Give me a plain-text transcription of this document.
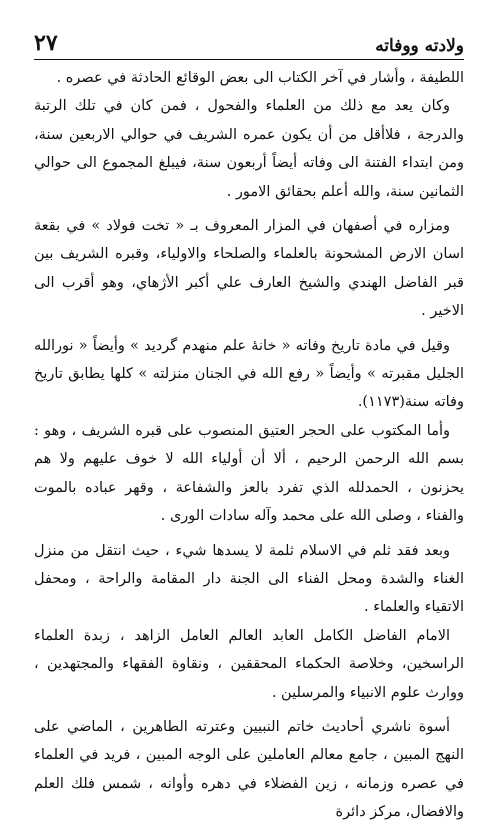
ولادته ووفاته
٢٧

اللطيفة ، وأشار في آخر الكتاب الى بعض الوقائع الحادثة في عصره .

وكان يعد مع ذلك من العلماء والفحول ، فمن كان في تلك الرتبة والدرجة ، فلاأقل من أن يكون عمره الشريف في حوالي الاربعين سنة، ومن ابتداء الفتنة الى وفاته أيضاً أربعون سنة، فيبلغ المجموع الى حوالي الثمانين سنة، والله أعلم بحقائق الامور .

ومزاره في أصفهان في المزار المعروف بـ « تخت فولاد » في بقعة اسان الارض المشحونة بالعلماء والصلحاء والاولياء، وقبره الشريف بين قبر الفاضل الهندي والشيخ العارف علي أكبر الأژهاي، وهو أقرب الى الاخير .

وقيل في مادة تاريخ وفاته « خانهٔ علم منهدم گرديد » وأيضاً « نورالله الجليل مقبرته » وأيضاً « رفع الله في الجنان منزلته » كلها يطابق تاريخ وفاته سنة(١١٧٣).

وأما المكتوب على الحجر العتيق المنصوب على قبره الشريف ، وهو : بسم الله الرحمن الرحيم ، ألا أن أولياء الله لا خوف عليهم ولا هم يحزنون ، الحمدلله الذي تفرد بالعز والشفاعة ، وقهر عباده بالموت والفناء ، وصلى الله على محمد وآله سادات الورى .

وبعد فقد ثلم في الاسلام ثلمة لا يسدها شيء ، حيث انتقل من منزل الغناء والشدة ومحل الفناء الى الجنة دار المقامة والراحة ، ومحفل الاتقياء والعلماء .

الامام الفاضل الكامل العابد العالم العامل الزاهد ، زبدة العلماء الراسخين، وخلاصة الحكماء المحققين ، ونقاوة الفقهاء والمجتهدين ، ووارث علوم الانبياء والمرسلين .

أسوة ناشري أحاديث خاتم النبيين وعترته الطاهرين ، الماضي على النهج المبين ، جامع معالم العاملين على الوجه المبين ، فريد في العلماء في عصره وزمانه ، زين الفضلاء في دهره وأوانه ، شمس فلك العلم والافضال، مركز دائرة
